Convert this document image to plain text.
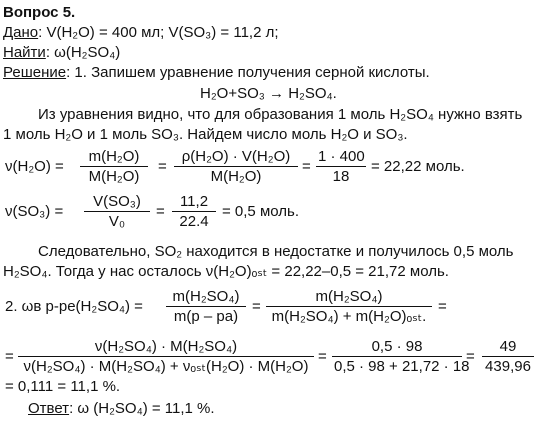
Вопрос 5.
Дано: V(H₂O) = 400 мл; V(SO₃) = 11,2 л;
Найти: ω(H₂SO₄)
Решение: 1. Запишем уравнение получения серной кислоты.
H₂O+SO₃ → H₂SO₄.
Из уравнения видно, что для образования 1 моль H₂SO₄ нужно взять
1 моль H₂O и 1 моль SO₃. Найдем число моль H₂O и SO₃.
$\nu(H_2O) = \frac{\text{m(H₂O)}}{\text{M(H₂O)}} = \frac{\text{ρ(H₂O) · V(H₂O)}}{\text{M(H₂O)}} = \frac{1 \cdot 400}{18} = 22,22$ моль.
$\nu(SO_3) = \frac{\text{V(SO₃)}}{\text{V₀}} = \frac{11,2}{22.4} = 0,5$ моль.
Следовательно, SO₂ находится в недостатке и получилось 0,5 моль
H₂SO₄. Тогда у нас осталось ν(H₂O)ₒₛₜ = 22,22–0,5 = 21,72 моль.
2. ωв $р-ре(H_2SO_4) = \frac{\text{m(H₂SO₄)}}{m(p - pa)}$ =
m(H₂SO₄)
m(H₂SO₄) + m(H₂O)ₒₛₜ.
=
=
ν(H₂SO₄) · M(H₂SO₄)
ν(H₂SO₄) · M(H₂SO₄) + νₒₛₜ(H₂O) · M(H₂O)
= $\frac{0,5 \cdot 98}{0,5 \cdot 98 + 21,72 \cdot 18} = \frac{49}{439,96}$
= 0,111 = 11,1 %.
Ответ: ω (H₂SO₄) = 11,1 %.
